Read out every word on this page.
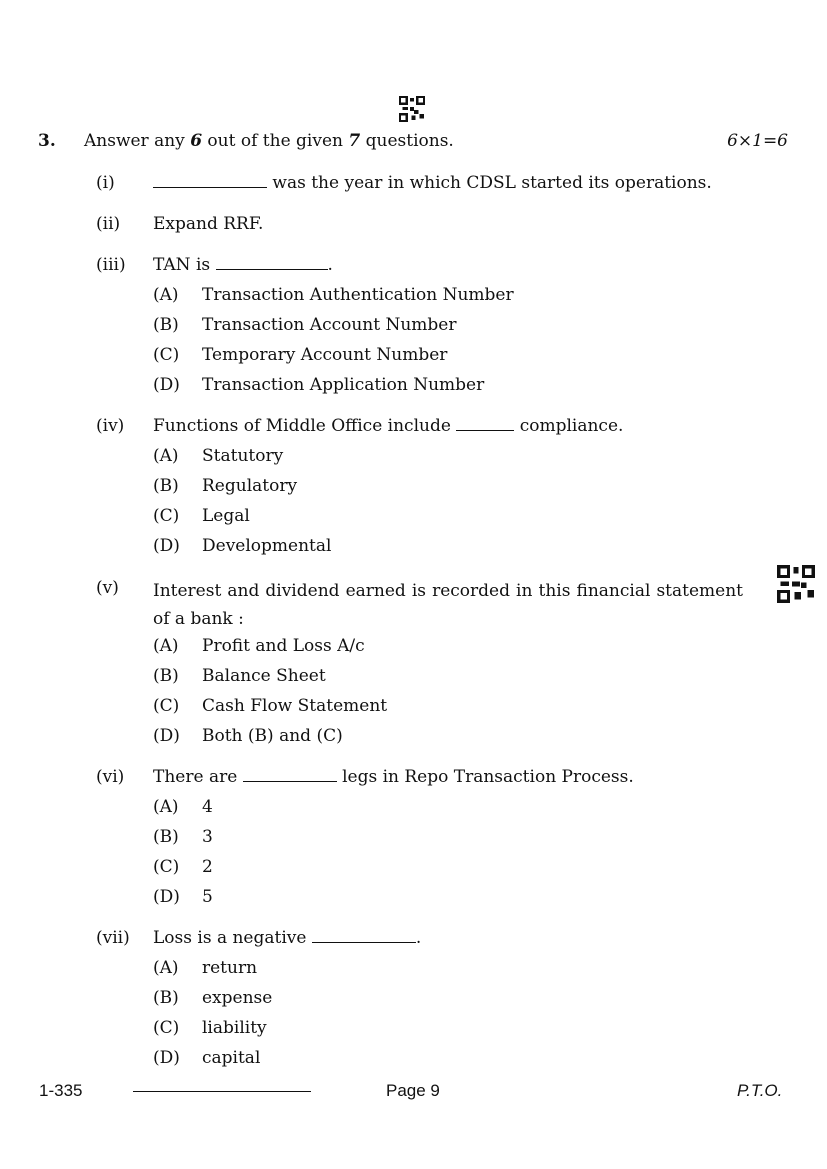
3. Answer any 6 out of the given 7 questions.	6×1=6
(i)	was the year in which CDSL started its operations.
(ii) Expand RRF.
(iii) TAN is	.
(A) Transaction Authentication Number
(B) Transaction Account Number
(C) Temporary Account Number
(D) Transaction Application Number
(iv) Functions of Middle Office include	compliance.
(A) Statutory
(B) Regulatory
(C) Legal
(D) Developmental
(v) Interest and dividend earned is recorded in this financial statement of a bank :
(A) Profit and Loss A/c
(B) Balance Sheet
(C) Cash Flow Statement
(D) Both (B) and (C)
(vi) There are	legs in Repo Transaction Process.
(A) 4
(B) 3
(C) 2
(D) 5
(vii) Loss is a negative	.
(A) return
(B) expense
(C) liability
(D) capital
1-335	Page 9	P.T.O.
